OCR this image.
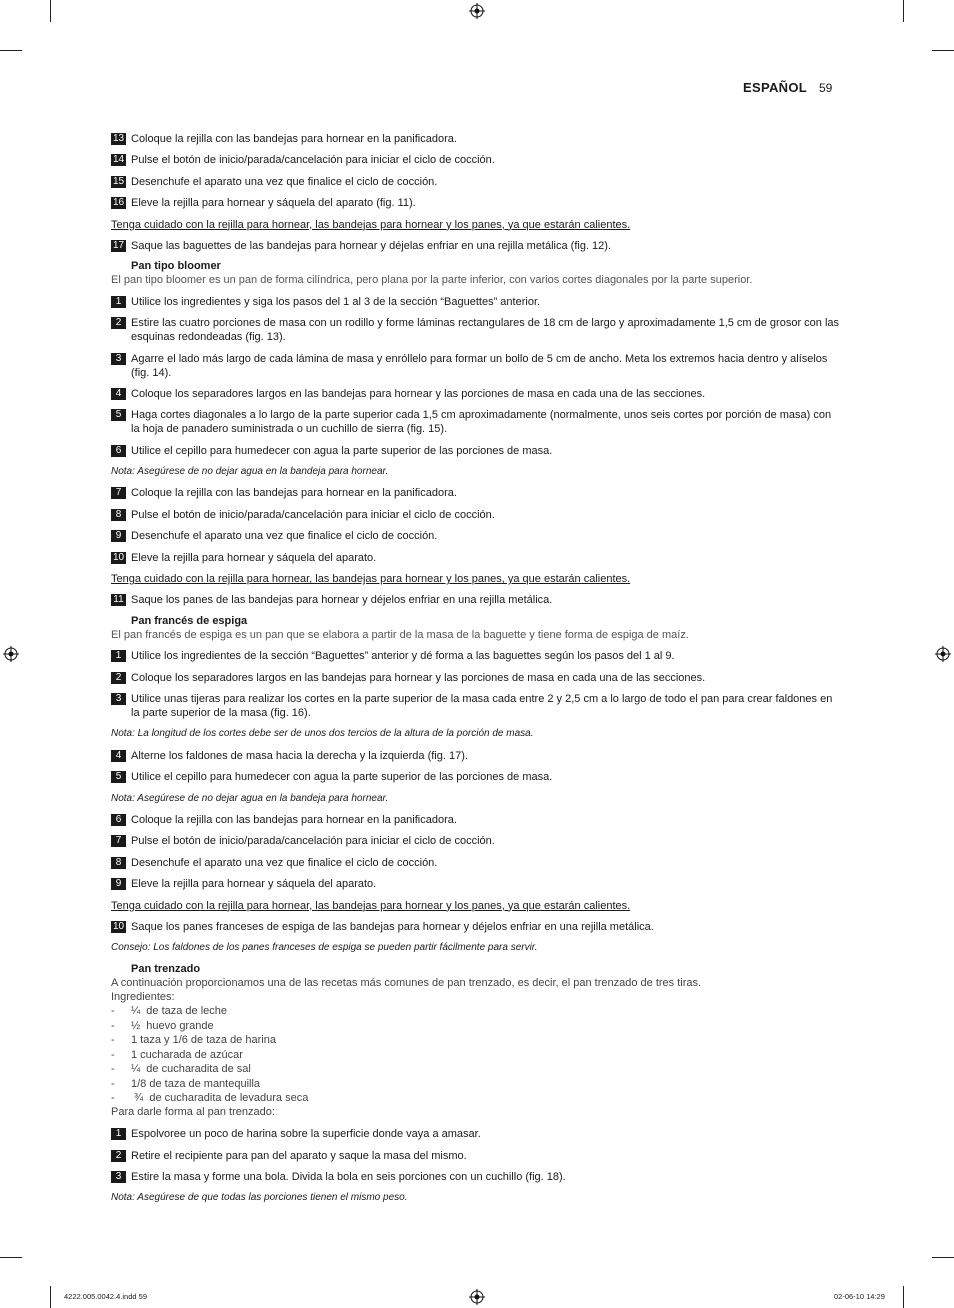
ESPAÑOL 59
13 Coloque la rejilla con las bandejas para hornear en la panificadora.
14 Pulse el botón de inicio/parada/cancelación para iniciar el ciclo de cocción.
15 Desenchufe el aparato una vez que finalice el ciclo de cocción.
16 Eleve la rejilla para hornear y sáquela del aparato (fig. 11).
Tenga cuidado con la rejilla para hornear, las bandejas para hornear y los panes, ya que estarán calientes.
17 Saque las baguettes de las bandejas para hornear y déjelas enfriar en una rejilla metálica (fig. 12).
Pan tipo bloomer
El pan tipo bloomer es un pan de forma cilíndrica, pero plana por la parte inferior, con varios cortes diagonales por la parte superior.
1 Utilice los ingredientes y siga los pasos del 1 al 3 de la sección “Baguettes” anterior.
2 Estire las cuatro porciones de masa con un rodillo y forme láminas rectangulares de 18 cm de largo y aproximadamente 1,5 cm de grosor con las esquinas redondeadas (fig. 13).
3 Agarre el lado más largo de cada lámina de masa y enróllelo para formar un bollo de 5 cm de ancho. Meta los extremos hacia dentro y alíselos (fig. 14).
4 Coloque los separadores largos en las bandejas para hornear y las porciones de masa en cada una de las secciones.
5 Haga cortes diagonales a lo largo de la parte superior cada 1,5 cm aproximadamente (normalmente, unos seis cortes por porción de masa) con la hoja de panadero suministrada o un cuchillo de sierra (fig. 15).
6 Utilice el cepillo para humedecer con agua la parte superior de las porciones de masa.
Nota: Asegúrese de no dejar agua en la bandeja para hornear.
7 Coloque la rejilla con las bandejas para hornear en la panificadora.
8 Pulse el botón de inicio/parada/cancelación para iniciar el ciclo de cocción.
9 Desenchufe el aparato una vez que finalice el ciclo de cocción.
10 Eleve la rejilla para hornear y sáquela del aparato.
Tenga cuidado con la rejilla para hornear, las bandejas para hornear y los panes, ya que estarán calientes.
11 Saque los panes de las bandejas para hornear y déjelos enfriar en una rejilla metálica.
Pan francés de espiga
El pan francés de espiga es un pan que se elabora a partir de la masa de la baguette y tiene forma de espiga de maíz.
1 Utilice los ingredientes de la sección “Baguettes” anterior y dé forma a las baguettes según los pasos del 1 al 9.
2 Coloque los separadores largos en las bandejas para hornear y las porciones de masa en cada una de las secciones.
3 Utilice unas tijeras para realizar los cortes en la parte superior de la masa cada entre 2 y 2,5 cm a lo largo de todo el pan para crear faldones en la parte superior de la masa (fig. 16).
Nota: La longitud de los cortes debe ser de unos dos tercios de la altura de la porción de masa.
4 Alterne los faldones de masa hacia la derecha y la izquierda (fig. 17).
5 Utilice el cepillo para humedecer con agua la parte superior de las porciones de masa.
Nota: Asegúrese de no dejar agua en la bandeja para hornear.
6 Coloque la rejilla con las bandejas para hornear en la panificadora.
7 Pulse el botón de inicio/parada/cancelación para iniciar el ciclo de cocción.
8 Desenchufe el aparato una vez que finalice el ciclo de cocción.
9 Eleve la rejilla para hornear y sáquela del aparato.
Tenga cuidado con la rejilla para hornear, las bandejas para hornear y los panes, ya que estarán calientes.
10 Saque los panes franceses de espiga de las bandejas para hornear y déjelos enfriar en una rejilla metálica.
Consejo: Los faldones de los panes franceses de espiga se pueden partir fácilmente para servir.
Pan trenzado
A continuación proporcionamos una de las recetas más comunes de pan trenzado, es decir, el pan trenzado de tres tiras.
Ingredientes:
-	¼  de taza de leche
-	½  huevo grande
-	1 taza y 1/6 de taza de harina
-	1 cucharada de azúcar
-	¼  de cucharadita de sal
-	1/8 de taza de mantequilla
-	¾  de cucharadita de levadura seca
Para darle forma al pan trenzado:
1 Espolvoree un poco de harina sobre la superficie donde vaya a amasar.
2 Retire el recipiente para pan del aparato y saque la masa del mismo.
3 Estire la masa y forme una bola. Divida la bola en seis porciones con un cuchillo (fig. 18).
Nota: Asegúrese de que todas las porciones tienen el mismo peso.
4222.005.0042.4.indd 59	02-06-10 14:29
